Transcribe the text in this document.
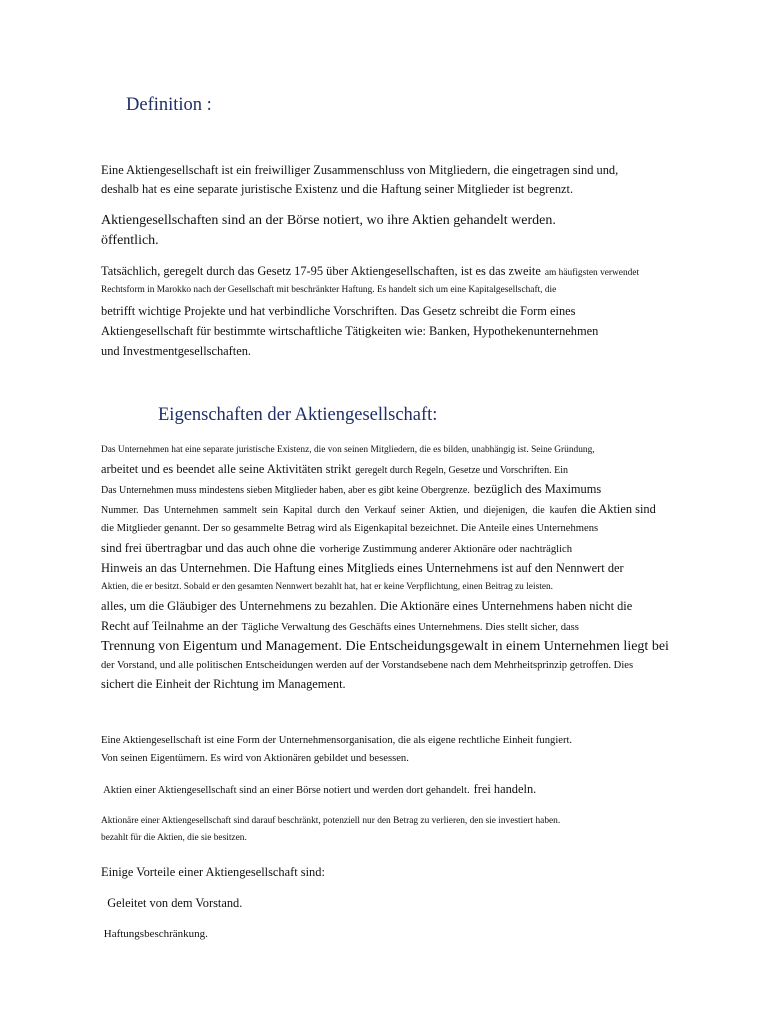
Definition :
Eine Aktiengesellschaft ist ein freiwilliger Zusammenschluss von Mitgliedern, die eingetragen sind und,
deshalb hat es eine separate juristische Existenz und die Haftung seiner Mitglieder ist begrenzt.
Aktiengesellschaften sind an der Börse notiert, wo ihre Aktien gehandelt werden.
öffentlich.
Tatsächlich, geregelt durch das Gesetz 17-95 über Aktiengesellschaften, ist es das zweite am häufigsten verwendet
Rechtsform in Marokko nach der Gesellschaft mit beschränkter Haftung. Es handelt sich um eine Kapitalgesellschaft, die
betrifft wichtige Projekte und hat verbindliche Vorschriften. Das Gesetz schreibt die Form eines
Aktiengesellschaft für bestimmte wirtschaftliche Tätigkeiten wie: Banken, Hypothekenunternehmen
und Investmentgesellschaften.
Eigenschaften der Aktiengesellschaft:
Das Unternehmen hat eine separate juristische Existenz, die von seinen Mitgliedern, die es bilden, unabhängig ist. Seine Gründung,
arbeitet und es beendet alle seine Aktivitäten strikt geregelt durch Regeln, Gesetze und Vorschriften. Ein
Das Unternehmen muss mindestens sieben Mitglieder haben, aber es gibt keine Obergrenze. bezüglich des Maximums
Nummer. Das Unternehmen sammelt sein Kapital durch den Verkauf seiner Aktien, und diejenigen, die kaufen die Aktien sind
die Mitglieder genannt. Der so gesammelte Betrag wird als Eigenkapital bezeichnet. Die Anteile eines Unternehmens
sind frei übertragbar und das auch ohne die vorherige Zustimmung anderer Aktionäre oder nachträglich
Hinweis an das Unternehmen. Die Haftung eines Mitglieds eines Unternehmens ist auf den Nennwert der
Aktien, die er besitzt. Sobald er den gesamten Nennwert bezahlt hat, hat er keine Verpflichtung, einen Beitrag zu leisten.
alles, um die Gläubiger des Unternehmens zu bezahlen. Die Aktionäre eines Unternehmens haben nicht die
Recht auf Teilnahme an der Tägliche Verwaltung des Geschäfts eines Unternehmens. Dies stellt sicher, dass
Trennung von Eigentum und Management. Die Entscheidungsgewalt in einem Unternehmen liegt bei
der Vorstand, und alle politischen Entscheidungen werden auf der Vorstandsebene nach dem Mehrheitsprinzip getroffen. Dies
sichert die Einheit der Richtung im Management.
Eine Aktiengesellschaft ist eine Form der Unternehmensorganisation, die als eigene rechtliche Einheit fungiert.
Von seinen Eigentümern. Es wird von Aktionären gebildet und besessen.
Aktien einer Aktiengesellschaft sind an einer Börse notiert und werden dort gehandelt. frei handeln.
Aktionäre einer Aktiengesellschaft sind darauf beschränkt, potenziell nur den Betrag zu verlieren, den sie investiert haben.
bezahlt für die Aktien, die sie besitzen.
Einige Vorteile einer Aktiengesellschaft sind:
Geleitet von dem Vorstand.
Haftungsbeschränkung.
